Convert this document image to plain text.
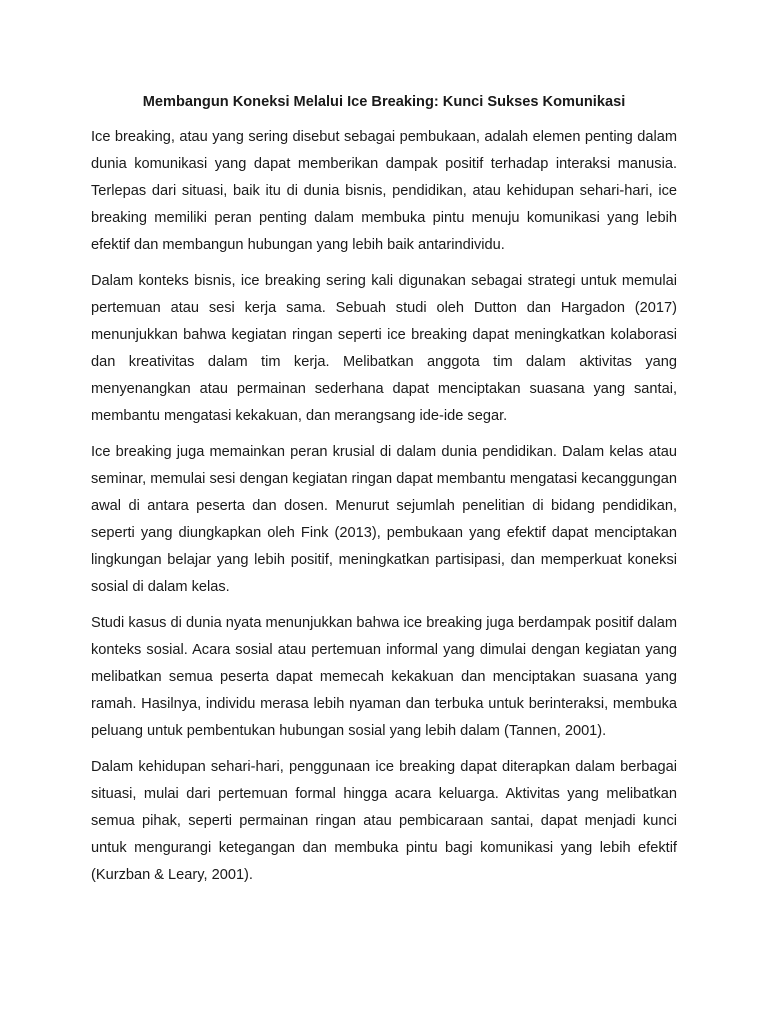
Membangun Koneksi Melalui Ice Breaking: Kunci Sukses Komunikasi

Ice breaking, atau yang sering disebut sebagai pembukaan, adalah elemen penting dalam dunia komunikasi yang dapat memberikan dampak positif terhadap interaksi manusia. Terlepas dari situasi, baik itu di dunia bisnis, pendidikan, atau kehidupan sehari-hari, ice breaking memiliki peran penting dalam membuka pintu menuju komunikasi yang lebih efektif dan membangun hubungan yang lebih baik antarindividu.

Dalam konteks bisnis, ice breaking sering kali digunakan sebagai strategi untuk memulai pertemuan atau sesi kerja sama. Sebuah studi oleh Dutton dan Hargadon (2017) menunjukkan bahwa kegiatan ringan seperti ice breaking dapat meningkatkan kolaborasi dan kreativitas dalam tim kerja. Melibatkan anggota tim dalam aktivitas yang menyenangkan atau permainan sederhana dapat menciptakan suasana yang santai, membantu mengatasi kekakuan, dan merangsang ide-ide segar.

Ice breaking juga memainkan peran krusial di dalam dunia pendidikan. Dalam kelas atau seminar, memulai sesi dengan kegiatan ringan dapat membantu mengatasi kecanggungan awal di antara peserta dan dosen. Menurut sejumlah penelitian di bidang pendidikan, seperti yang diungkapkan oleh Fink (2013), pembukaan yang efektif dapat menciptakan lingkungan belajar yang lebih positif, meningkatkan partisipasi, dan memperkuat koneksi sosial di dalam kelas.

Studi kasus di dunia nyata menunjukkan bahwa ice breaking juga berdampak positif dalam konteks sosial. Acara sosial atau pertemuan informal yang dimulai dengan kegiatan yang melibatkan semua peserta dapat memecah kekakuan dan menciptakan suasana yang ramah. Hasilnya, individu merasa lebih nyaman dan terbuka untuk berinteraksi, membuka peluang untuk pembentukan hubungan sosial yang lebih dalam (Tannen, 2001).

Dalam kehidupan sehari-hari, penggunaan ice breaking dapat diterapkan dalam berbagai situasi, mulai dari pertemuan formal hingga acara keluarga. Aktivitas yang melibatkan semua pihak, seperti permainan ringan atau pembicaraan santai, dapat menjadi kunci untuk mengurangi ketegangan dan membuka pintu bagi komunikasi yang lebih efektif (Kurzban & Leary, 2001).
